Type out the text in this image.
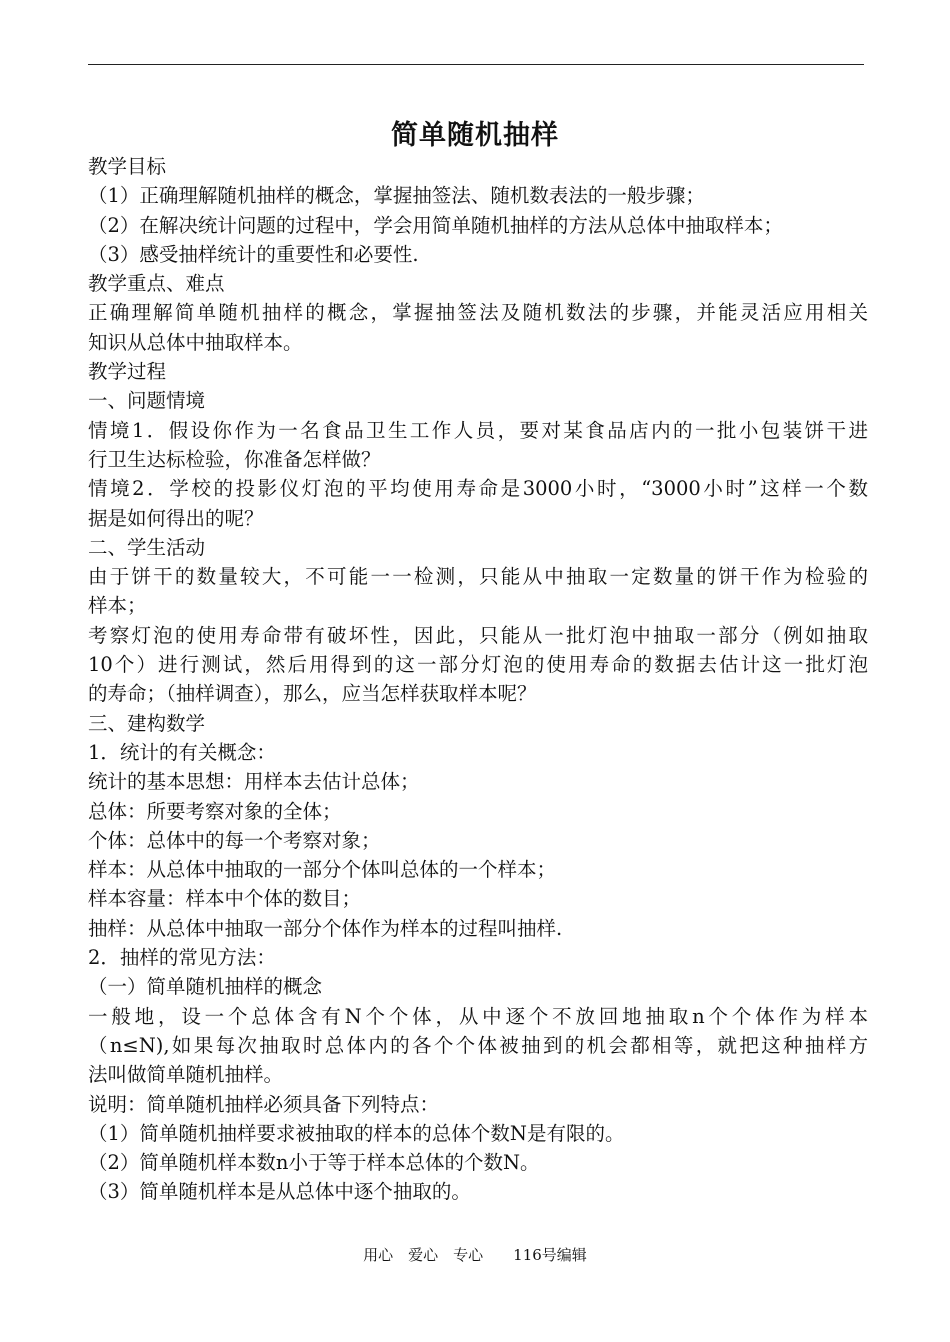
简单随机抽样
教学目标
（1）正确理解随机抽样的概念，掌握抽签法、随机数表法的一般步骤；
（2）在解决统计问题的过程中，学会用简单随机抽样的方法从总体中抽取样本；
（3）感受抽样统计的重要性和必要性.
教学重点、难点
正确理解简单随机抽样的概念，掌握抽签法及随机数法的步骤，并能灵活应用相关
知识从总体中抽取样本。
教学过程
一、问题情境
情境1．假设你作为一名食品卫生工作人员，要对某食品店内的一批小包装饼干进
行卫生达标检验，你准备怎样做？
情境2．学校的投影仪灯泡的平均使用寿命是3000小时，“3000小时”这样一个数
据是如何得出的呢？
二、学生活动
由于饼干的数量较大，不可能一一检测，只能从中抽取一定数量的饼干作为检验的
样本；
考察灯泡的使用寿命带有破坏性，因此，只能从一批灯泡中抽取一部分（例如抽取
10个）进行测试，然后用得到的这一部分灯泡的使用寿命的数据去估计这一批灯泡
的寿命；（抽样调查），那么，应当怎样获取样本呢？
三、建构数学
1．统计的有关概念：
统计的基本思想：用样本去估计总体；
总体：所要考察对象的全体；
个体：总体中的每一个考察对象；
样本：从总体中抽取的一部分个体叫总体的一个样本；
样本容量：样本中个体的数目；
抽样：从总体中抽取一部分个体作为样本的过程叫抽样.
2．抽样的常见方法：
（一）简单随机抽样的概念
一般地，设一个总体含有N个个体，从中逐个不放回地抽取n个个体作为样本
（n≤N),如果每次抽取时总体内的各个个体被抽到的机会都相等，就把这种抽样方
法叫做简单随机抽样。
说明：简单随机抽样必须具备下列特点：
（1）简单随机抽样要求被抽取的样本的总体个数N是有限的。
（2）简单随机样本数n小于等于样本总体的个数N。
（3）简单随机样本是从总体中逐个抽取的。
用心　爱心　专心　　116号编辑
